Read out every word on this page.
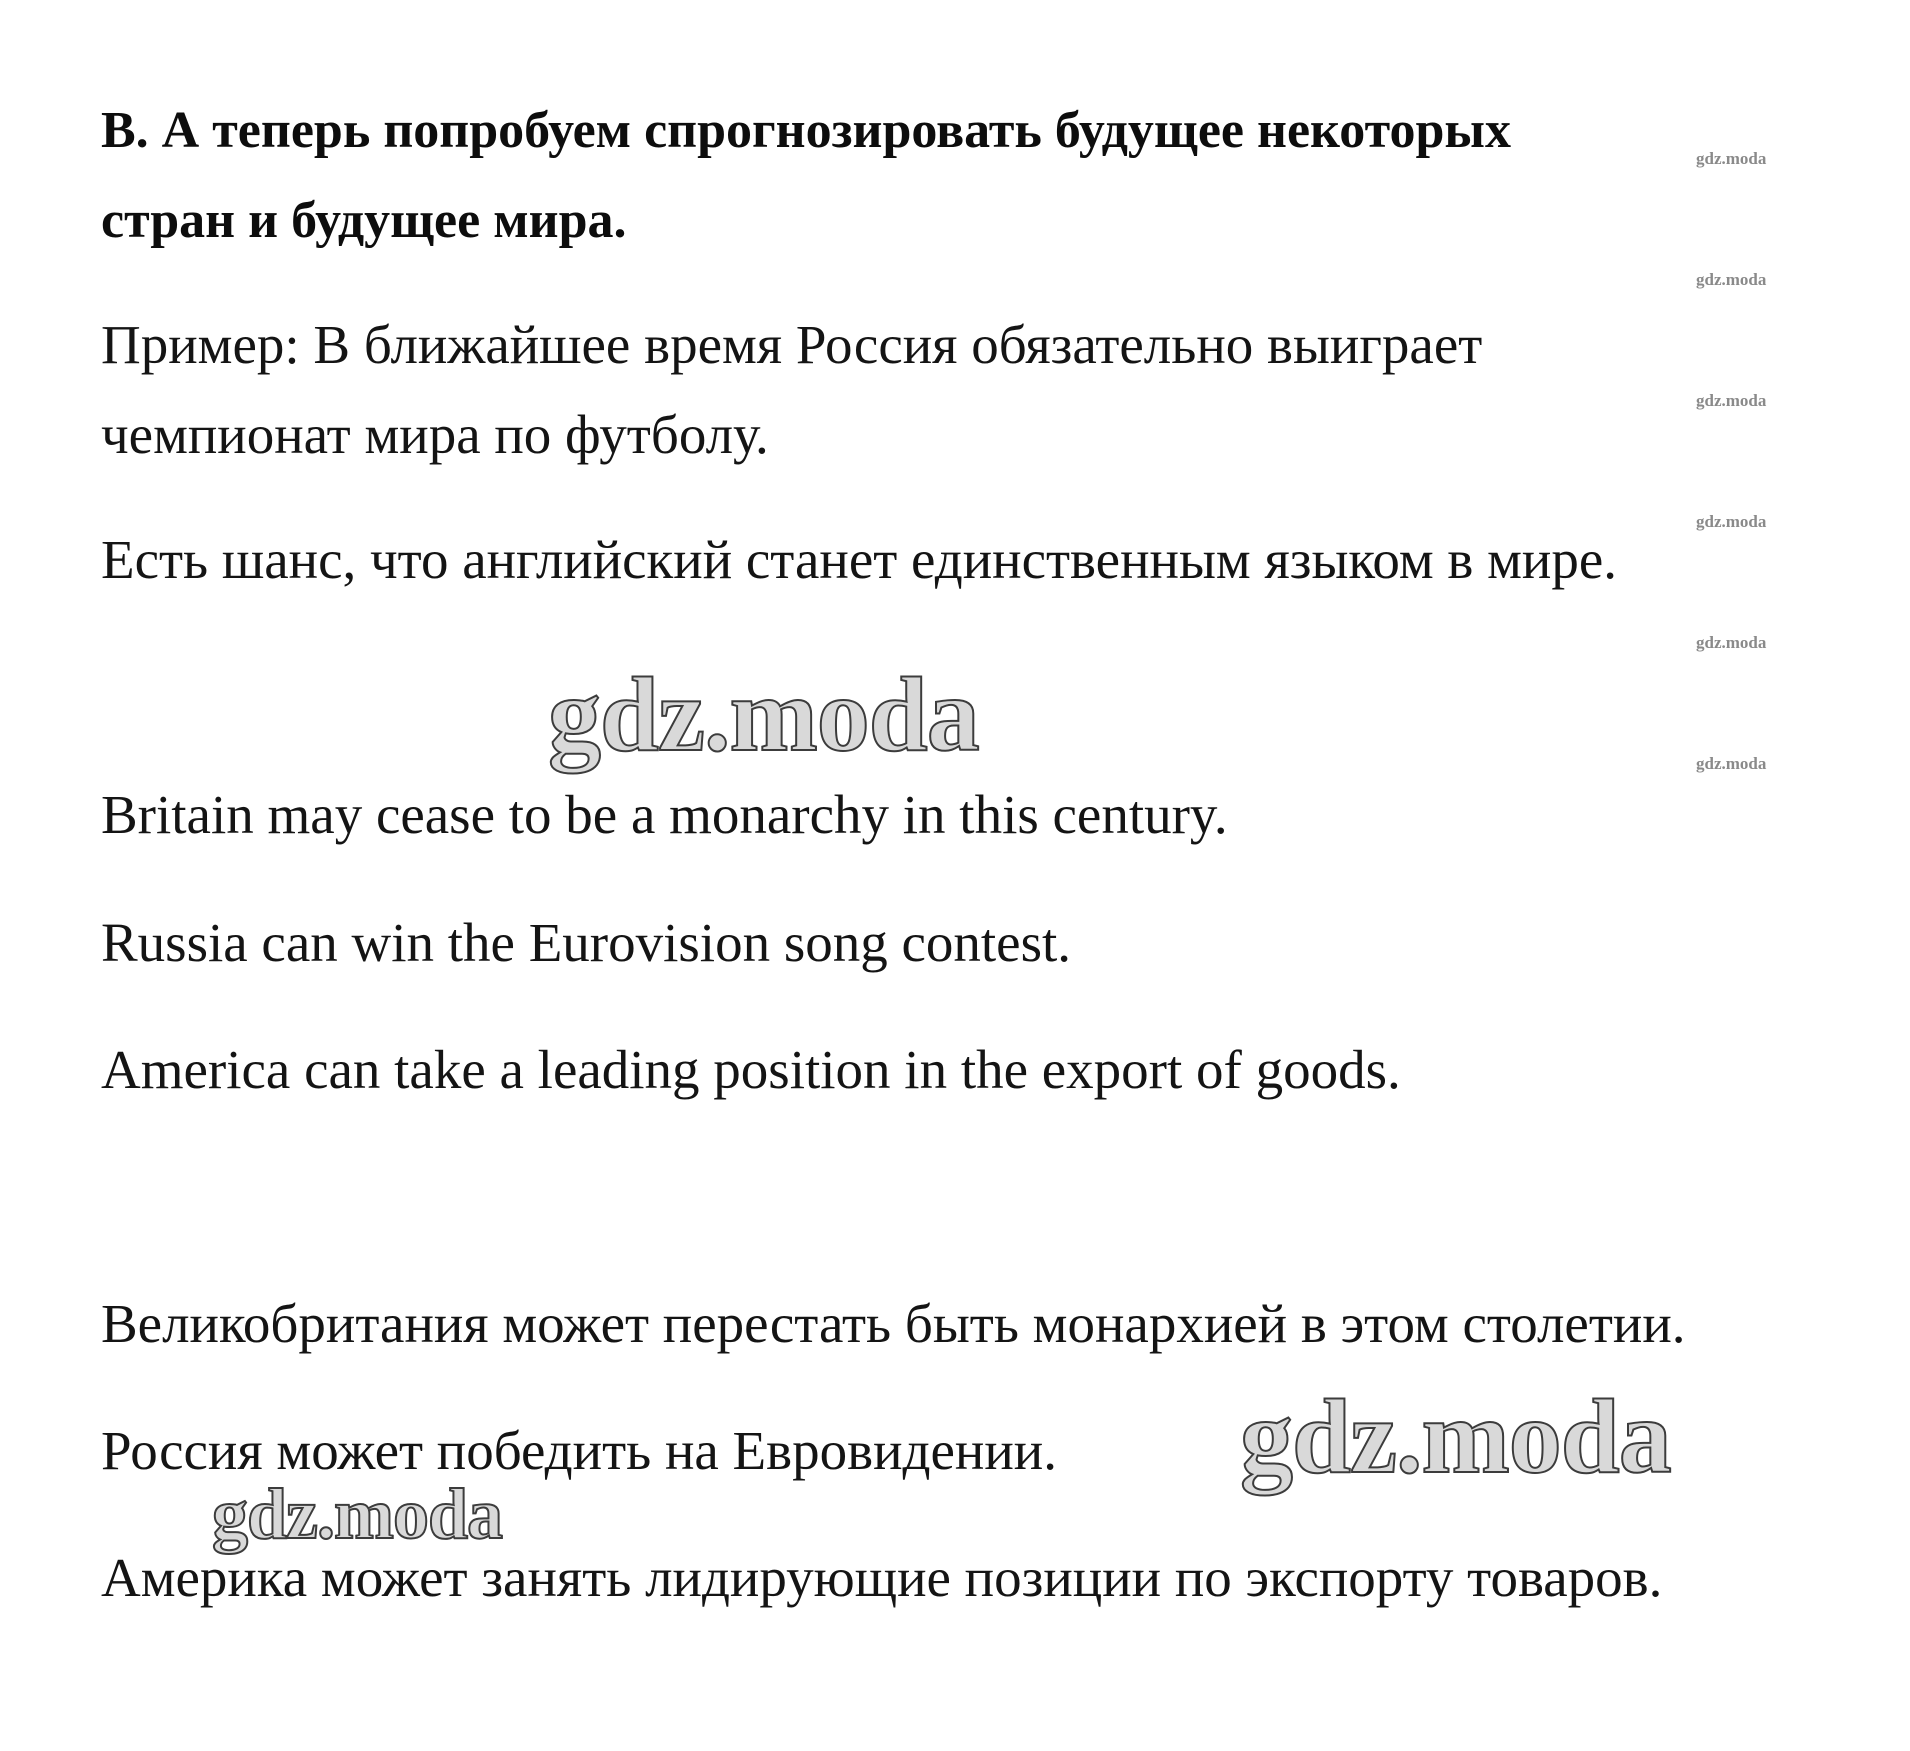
B. А теперь попробуем спрогнозировать будущее некоторых

стран и будущее мира.

Пример: В ближайшее время Россия обязательно выиграет

чемпионат мира по футболу.

Есть шанс, что английский станет единственным языком в мире.

Britain may cease to be a monarchy in this century.

Russia can win the Eurovision song contest.

America can take a leading position in the export of goods.

Великобритания может перестать быть монархией в этом столетии.

Россия может победить на Евровидении.

Америка может занять лидирующие позиции по экспорту товаров.

gdz.moda
gdz.moda
gdz.moda
gdz.moda
gdz.moda
gdz.moda
gdz.moda
gdz.moda
gdz.moda
